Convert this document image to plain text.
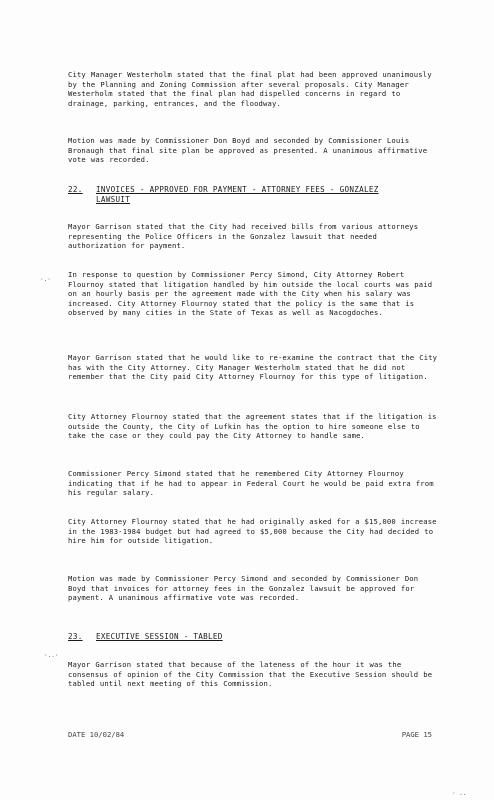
City Manager Westerholm stated that the final plat had been approved unanimously by the Planning and Zoning Commission after several proposals. City Manager Westerholm stated that the final plan had dispelled concerns in regard to drainage, parking, entrances, and the floodway.
Motion was made by Commissioner Don Boyd and seconded by Commissioner Louis Bronaugh that final site plan be approved as presented. A unanimous affirmative vote was recorded.
22. INVOICES - APPROVED FOR PAYMENT - ATTORNEY FEES - GONZALEZ
LAWSUIT
Mayor Garrison stated that the City had received bills from various attorneys representing the Police Officers in the Gonzalez lawsuit that needed authorization for payment.
In response to question by Commissioner Percy Simond, City Attorney Robert Flournoy stated that litigation handled by him outside the local courts was paid on an hourly basis per the agreement made with the City when his salary was increased. City Attorney Flournoy stated that the policy is the same that is observed by many cities in the State of Texas as well as Nacogdoches.
Mayor Garrison stated that he would like to re-examine the contract that the City has with the City Attorney. City Manager Westerholm stated that he did not remember that the City paid City Attorney Flournoy for this type of litigation.
City Attorney Flournoy stated that the agreement states that if the litigation is outside the County, the City of Lufkin has the option to hire someone else to take the case or they could pay the City Attorney to handle same.
Commissioner Percy Simond stated that he remembered City Attorney Flournoy indicating that if he had to appear in Federal Court he would be paid extra from his regular salary.
City Attorney Flournoy stated that he had originally asked for a $15,000 increase in the 1983-1984 budget but had agreed to $5,000 because the City had decided to hire him for outside litigation.
Motion was made by Commissioner Percy Simond and seconded by Commissioner Don Boyd that invoices for attorney fees in the Gonzalez lawsuit be approved for payment. A unanimous affirmative vote was recorded.
23. EXECUTIVE SESSION - TABLED
Mayor Garrison stated that because of the lateness of the hour it was the consensus of opinion of the City Commission that the Executive Session should be tabled until next meeting of this Commission.
DATE 10/02/84	PAGE 15
·.·
·..·
· ..
